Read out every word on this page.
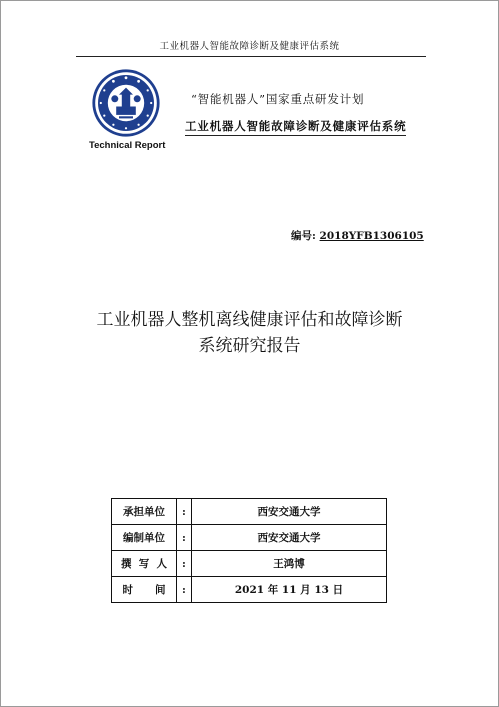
工业机器人智能故障诊断及健康评估系统
Technical Report
“智能机器人”国家重点研发计划
工业机器人智能故障诊断及健康评估系统
编号: 2018YFB1306105
工业机器人整机离线健康评估和故障诊断
系统研究报告
承担单位	:	西安交通大学
编制单位	:	西安交通大学
撰  写  人	:	王鸿博
时      间	:	2021 年 11 月 13 日
